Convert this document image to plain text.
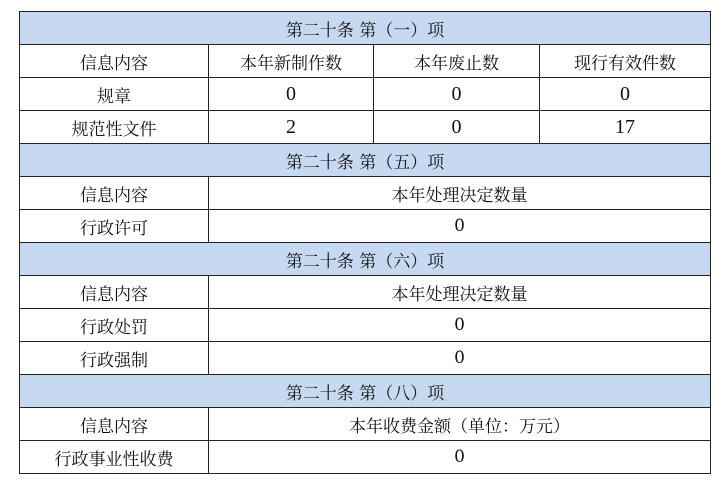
第二十条 第（一）项			
信息内容	本年新制作数	本年废止数	现行有效件数
规章	0	0	0
规范性文件	2	0	17
第二十条 第（五）项			
信息内容	本年处理决定数量		
行政许可	0		
第二十条 第（六）项			
信息内容	本年处理决定数量		
行政处罚	0		
行政强制	0		
第二十条 第（八）项			
信息内容	本年收费金额（单位：万元）		
行政事业性收费	0		
